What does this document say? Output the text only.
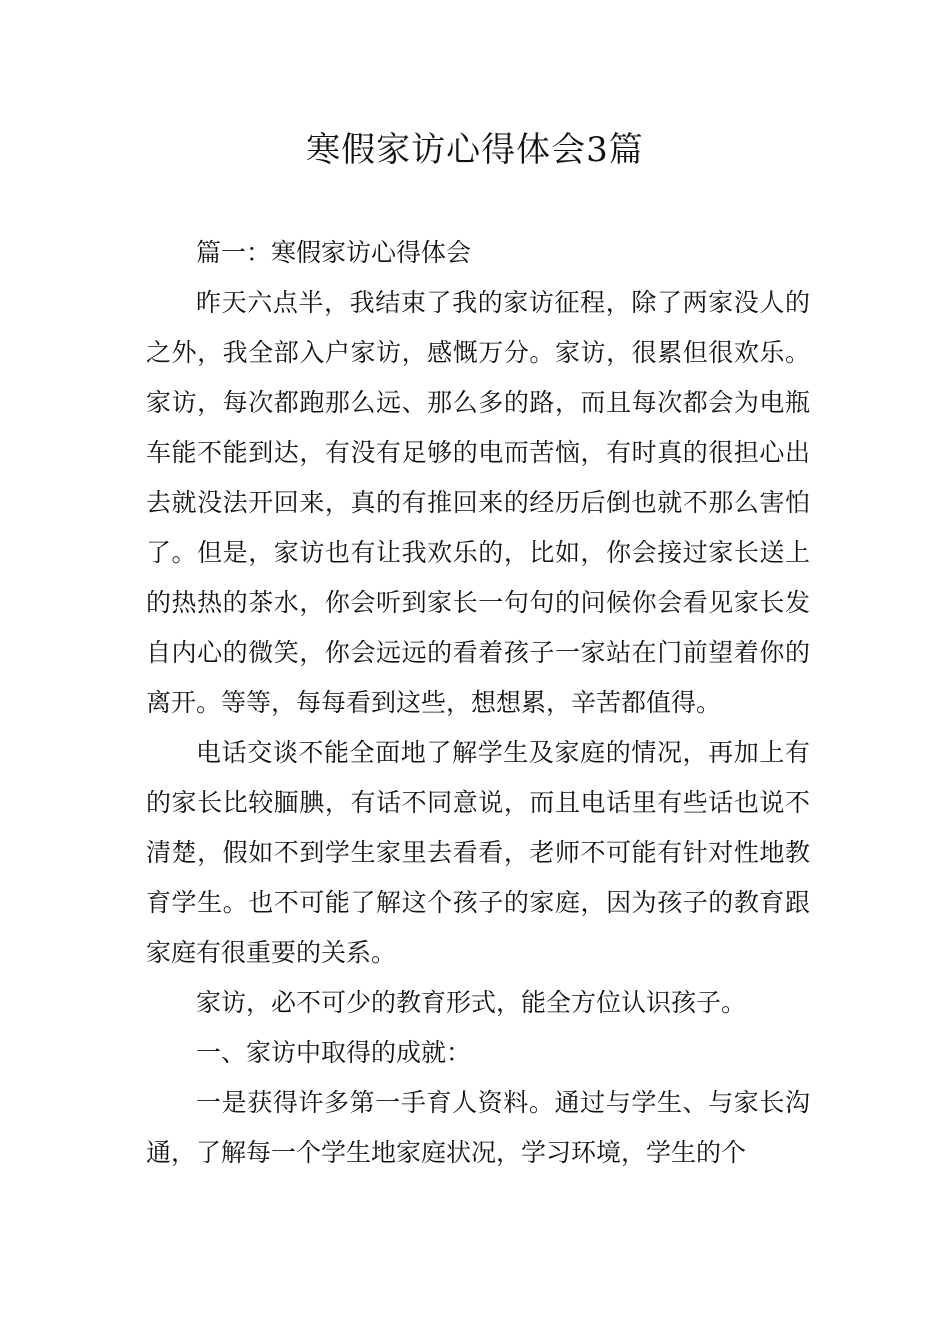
寒假家访心得体会3篇

篇一：寒假家访心得体会

昨天六点半，我结束了我的家访征程，除了两家没人的之外，我全部入户家访，感慨万分。家访，很累但很欢乐。家访，每次都跑那么远、那么多的路，而且每次都会为电瓶车能不能到达，有没有足够的电而苦恼，有时真的很担心出去就没法开回来，真的有推回来的经历后倒也就不那么害怕了。但是，家访也有让我欢乐的，比如，你会接过家长送上的热热的茶水，你会听到家长一句句的问候你会看见家长发自内心的微笑，你会远远的看着孩子一家站在门前望着你的离开。等等，每每看到这些，想想累，辛苦都值得。

电话交谈不能全面地了解学生及家庭的情况，再加上有的家长比较腼腆，有话不同意说，而且电话里有些话也说不清楚，假如不到学生家里去看看，老师不可能有针对性地教育学生。也不可能了解这个孩子的家庭，因为孩子的教育跟家庭有很重要的关系。

家访，必不可少的教育形式，能全方位认识孩子。

一、家访中取得的成就：

一是获得许多第一手育人资料。通过与学生、与家长沟通，了解每一个学生地家庭状况，学习环境，学生的个
